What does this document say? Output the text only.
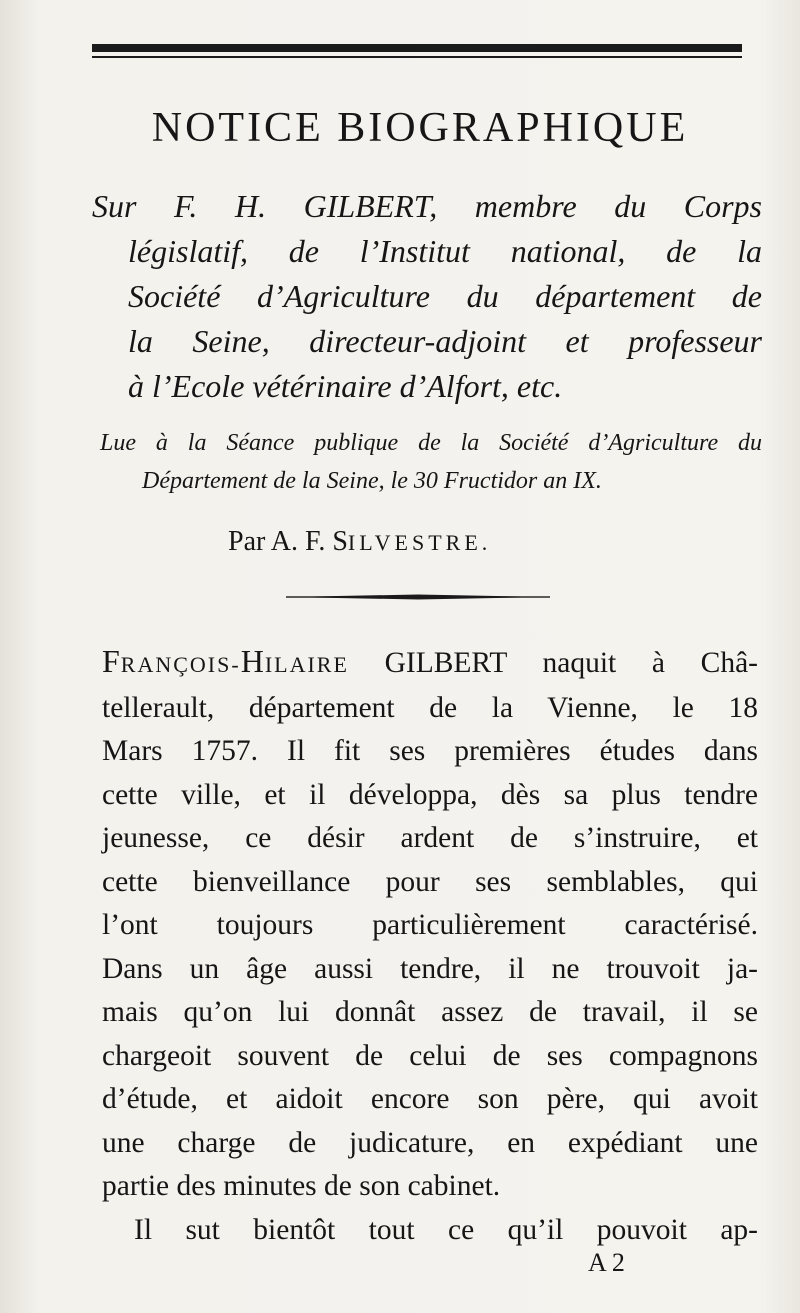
NOTICE BIOGRAPHIQUE
Sur F. H. GILBERT, membre du Corps
législatif, de l’Institut national, de la
Société d’Agriculture du département de
la Seine, directeur-adjoint et professeur
à l’Ecole vétérinaire d’Alfort, etc.
Lue à la Séance publique de la Société d’Agriculture du
Département de la Seine, le 30 Fructidor an IX.
Par A. F. SILVESTRE.
FRANÇOIS-HILAIRE GILBERT naquit à Châ-
tellerault, département de la Vienne, le 18
Mars 1757. Il fit ses premières études dans
cette ville, et il développa, dès sa plus tendre
jeunesse, ce désir ardent de s’instruire, et
cette bienveillance pour ses semblables, qui
l’ont toujours particulièrement caractérisé.
Dans un âge aussi tendre, il ne trouvoit ja-
mais qu’on lui donnât assez de travail, il se
chargeoit souvent de celui de ses compagnons
d’étude, et aidoit encore son père, qui avoit
une charge de judicature, en expédiant une
partie des minutes de son cabinet.
Il sut bientôt tout ce qu’il pouvoit ap-
A 2
